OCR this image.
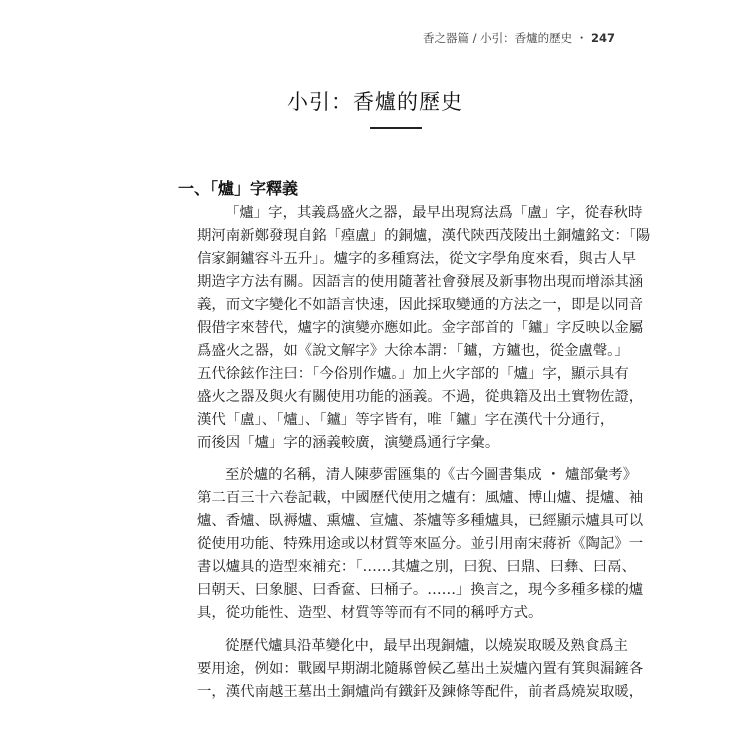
香之器篇 / 小引：香爐的歷史 ・ 247
小引：香爐的歷史
一、「爐」字釋義
「爐」字，其義爲盛火之器，最早出現寫法爲「盧」字，從春秋時
期河南新鄭發現自銘「㾮盧」的銅爐，漢代陝西茂陵出土銅爐銘文：「陽
信家銅鑪容斗五升」。爐字的多種寫法，從文字學角度來看，與古人早
期造字方法有關。因語言的使用隨著社會發展及新事物出現而增添其涵
義，而文字變化不如語言快速，因此採取變通的方法之一，即是以同音
假借字來替代，爐字的演變亦應如此。金字部首的「鑪」字反映以金屬
爲盛火之器，如《說文解字》大徐本謂：「鑪，方鑪也，從金盧聲。」
五代徐鉉作注曰：「今俗別作爐。」加上火字部的「爐」字，顯示具有
盛火之器及與火有關使用功能的涵義。不過，從典籍及出土實物佐證，
漢代「盧」、「爐」、「鑪」等字皆有，唯「鑪」字在漢代十分通行，
而後因「爐」字的涵義較廣，演變爲通行字彙。
至於爐的名稱，清人陳夢雷匯集的《古今圖書集成 ・ 爐部彙考》
第二百三十六卷記載，中國歷代使用之爐有：風爐、博山爐、提爐、袖
爐、香爐、臥褥爐、熏爐、宣爐、茶爐等多種爐具，已經顯示爐具可以
從使用功能、特殊用途或以材質等來區分。並引用南宋蔣祈《陶記》一
書以爐具的造型來補充：「……其爐之別，曰猊、曰鼎、曰彝、曰鬲、
曰朝天、曰象腿、曰香奩、曰桶子。……」換言之，現今多種多樣的爐
具，從功能性、造型、材質等等而有不同的稱呼方式。
從歷代爐具沿革變化中，最早出現銅爐，以燒炭取暖及熟食爲主
要用途，例如：戰國早期湖北隨縣曾候乙墓出土炭爐內置有箕與漏鏟各
一，漢代南越王墓出土銅爐尚有鐵釬及鍊條等配件，前者爲燒炭取暖，
